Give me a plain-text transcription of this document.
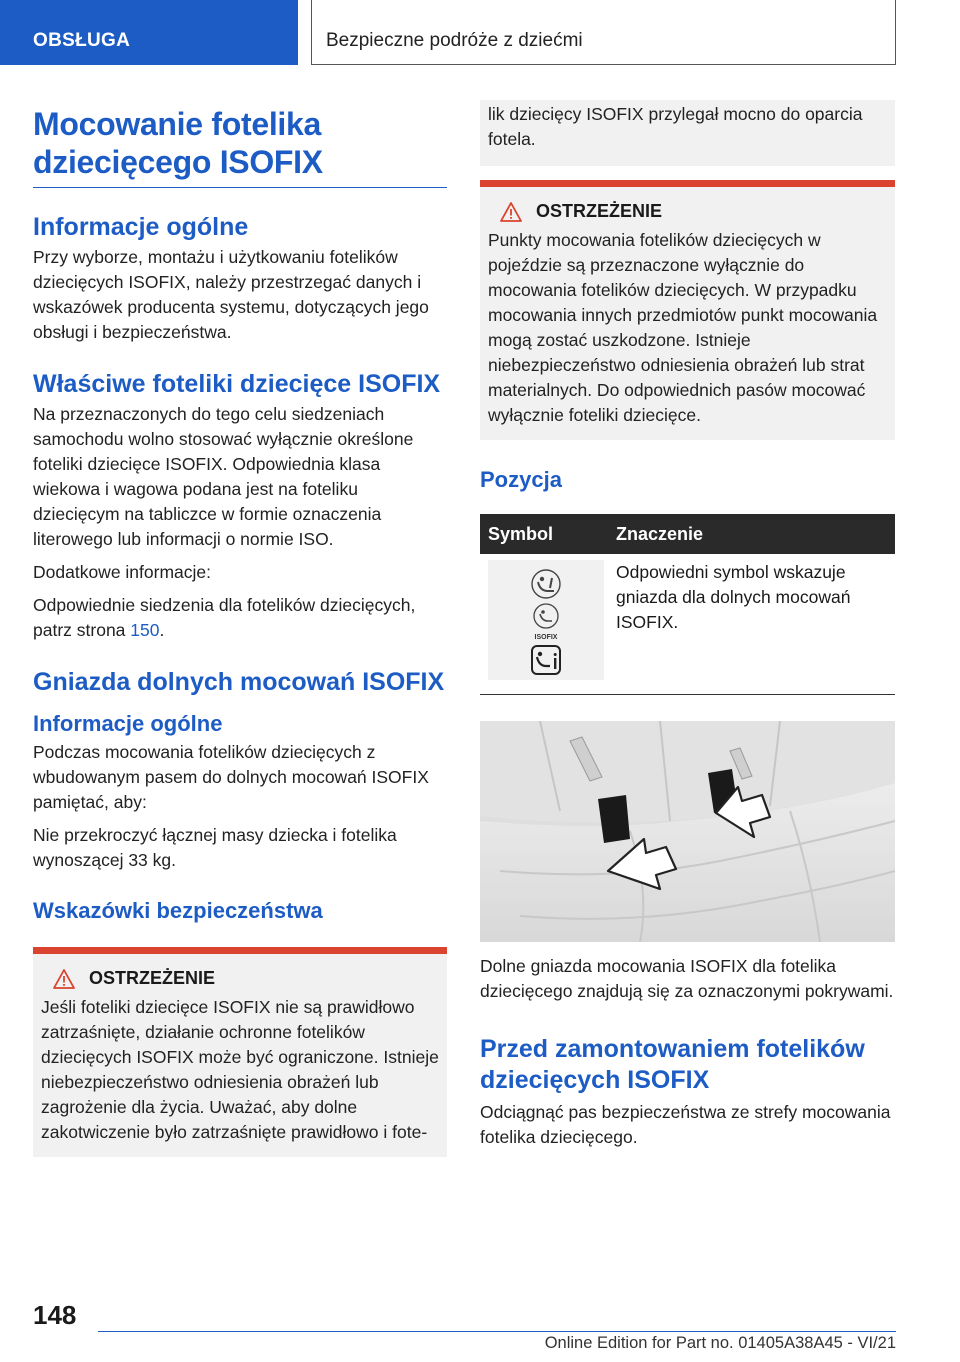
OBSŁUGA	Bezpieczne podróże z dziećmi
Mocowanie fotelika dziecięcego ISOFIX
Informacje ogólne
Przy wyborze, montażu i użytkowaniu fotelików dziecięcych ISOFIX, należy przestrzegać danych i wskazówek producenta systemu, dotyczących jego obsługi i bezpieczeństwa.
Właściwe foteliki dziecięce ISOFIX
Na przeznaczonych do tego celu siedzeniach samochodu wolno stosować wyłącznie określone foteliki dziecięce ISOFIX. Odpowiednia klasa wiekowa i wagowa podana jest na foteliku dziecięcym na tabliczce w formie oznaczenia literowego lub informacji o normie ISO.
Dodatkowe informacje:
Odpowiednie siedzenia dla fotelików dziecięcych, patrz strona 150.
Gniazda dolnych mocowań ISOFIX
Informacje ogólne
Podczas mocowania fotelików dziecięcych z wbudowanym pasem do dolnych mocowań ISOFIX pamiętać, aby:
Nie przekroczyć łącznej masy dziecka i fotelika wynoszącej 33 kg.
Wskazówki bezpieczeństwa
OSTRZEŻENIE
Jeśli foteliki dziecięce ISOFIX nie są prawidłowo zatrzaśnięte, działanie ochronne fotelików dziecięcych ISOFIX może być ograniczone. Istnieje niebezpieczeństwo odniesienia obrażeń lub zagrożenie dla życia. Uważać, aby dolne zakotwiczenie było zatrzaśnięte prawidłowo i fote-
lik dziecięcy ISOFIX przylegał mocno do oparcia fotela.
OSTRZEŻENIE
Punkty mocowania fotelików dziecięcych w pojeździe są przeznaczone wyłącznie do mocowania fotelików dziecięcych. W przypadku mocowania innych przedmiotów punkt mocowania mogą zostać uszkodzone. Istnieje niebezpieczeństwo odniesienia obrażeń lub strat materialnych. Do odpowiednich pasów mocować wyłącznie foteliki dziecięce.
Pozycja
Symbol	Znaczenie

ISOFIX	Odpowiedni symbol wskazuje gniazda dla dolnych mocowań ISOFIX.
Dolne gniazda mocowania ISOFIX dla fotelika dziecięcego znajdują się za oznaczonymi pokrywami.
Przed zamontowaniem fotelików dziecięcych ISOFIX
Odciągnąć pas bezpieczeństwa ze strefy mocowania fotelika dziecięcego.
148
Online Edition for Part no. 01405A38A45 - VI/21
